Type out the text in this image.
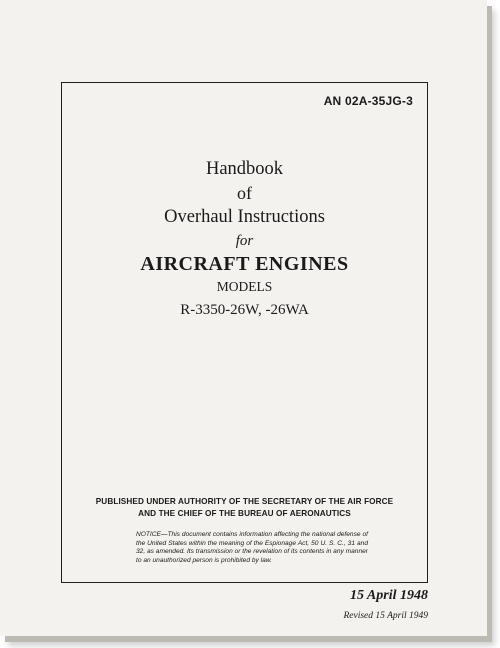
AN 02A-35JG-3
Handbook
of
Overhaul Instructions
for
AIRCRAFT ENGINES
MODELS
R-3350-26W, -26WA
PUBLISHED UNDER AUTHORITY OF THE SECRETARY OF THE AIR FORCE
AND THE CHIEF OF THE BUREAU OF AERONAUTICS
NOTICE—This document contains information affecting the national defense of the United States within the meaning of the Espionage Act, 50 U. S. C., 31 and 32, as amended. Its transmission or the revelation of its contents in any manner to an unauthorized person is prohibited by law.
15 April 1948
Revised 15 April 1949
